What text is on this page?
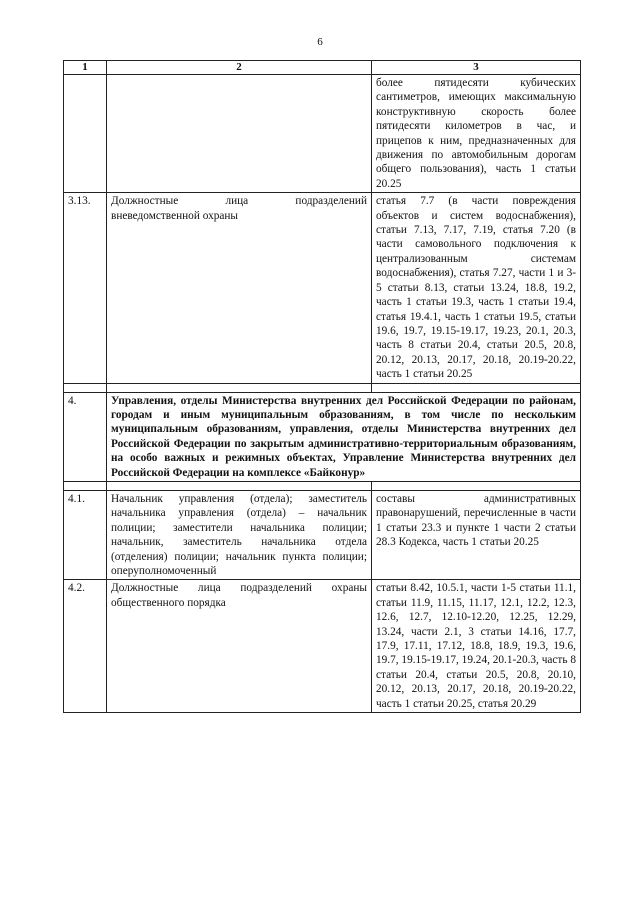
6
1	2	3
		более пятидесяти кубических сантиметров, имеющих максимальную конструктивную скорость более пятидесяти километров в час, и прицепов к ним, предназначенных для движения по автомобильным дорогам общего пользования), часть 1 статьи 20.25
3.13.	Должностные лица подразделений вневедомственной охраны	статья 7.7 (в части повреждения объектов и систем водоснабжения), статьи 7.13, 7.17, 7.19, статья 7.20 (в части самовольного подключения к централизованным системам водоснабжения), статья 7.27, части 1 и 3-5 статьи 8.13, статьи 13.24, 18.8, 19.2, часть 1 статьи 19.3, часть 1 статьи 19.4, статья 19.4.1, часть 1 статьи 19.5, статьи 19.6, 19.7, 19.15-19.17, 19.23, 20.1, 20.3, часть 8 статьи 20.4, статьи 20.5, 20.8, 20.12, 20.13, 20.17, 20.18, 20.19-20.22, часть 1 статьи 20.25

4.	Управления, отделы Министерства внутренних дел Российской Федерации по районам, городам и иным муниципальным образованиям, в том числе по нескольким муниципальным образованиям, управления, отделы Министерства внутренних дел Российской Федерации по закрытым административно-территориальным образованиям, на особо важных и режимных объектах, Управление Министерства внутренних дел Российской Федерации на комплексе «Байконур»	

4.1.	Начальник управления (отдела); заместитель начальника управления (отдела) – начальник полиции; заместители начальника полиции; начальник, заместитель начальника отдела (отделения) полиции; начальник пункта полиции; оперуполномоченный	составы административных правонарушений, перечисленные в части 1 статьи 23.3 и пункте 1 части 2 статьи 28.3 Кодекса, часть 1 статьи 20.25
4.2.	Должностные лица подразделений охраны общественного порядка	статьи 8.42, 10.5.1, части 1-5 статьи 11.1, статьи 11.9, 11.15, 11.17, 12.1, 12.2, 12.3, 12.6, 12.7, 12.10-12.20, 12.25, 12.29, 13.24, части 2.1, 3 статьи 14.16, 17.7, 17.9, 17.11, 17.12, 18.8, 18.9, 19.3, 19.6, 19.7, 19.15-19.17, 19.24, 20.1-20.3, часть 8 статьи 20.4, статьи 20.5, 20.8, 20.10, 20.12, 20.13, 20.17, 20.18, 20.19-20.22, часть 1 статьи 20.25, статья 20.29
